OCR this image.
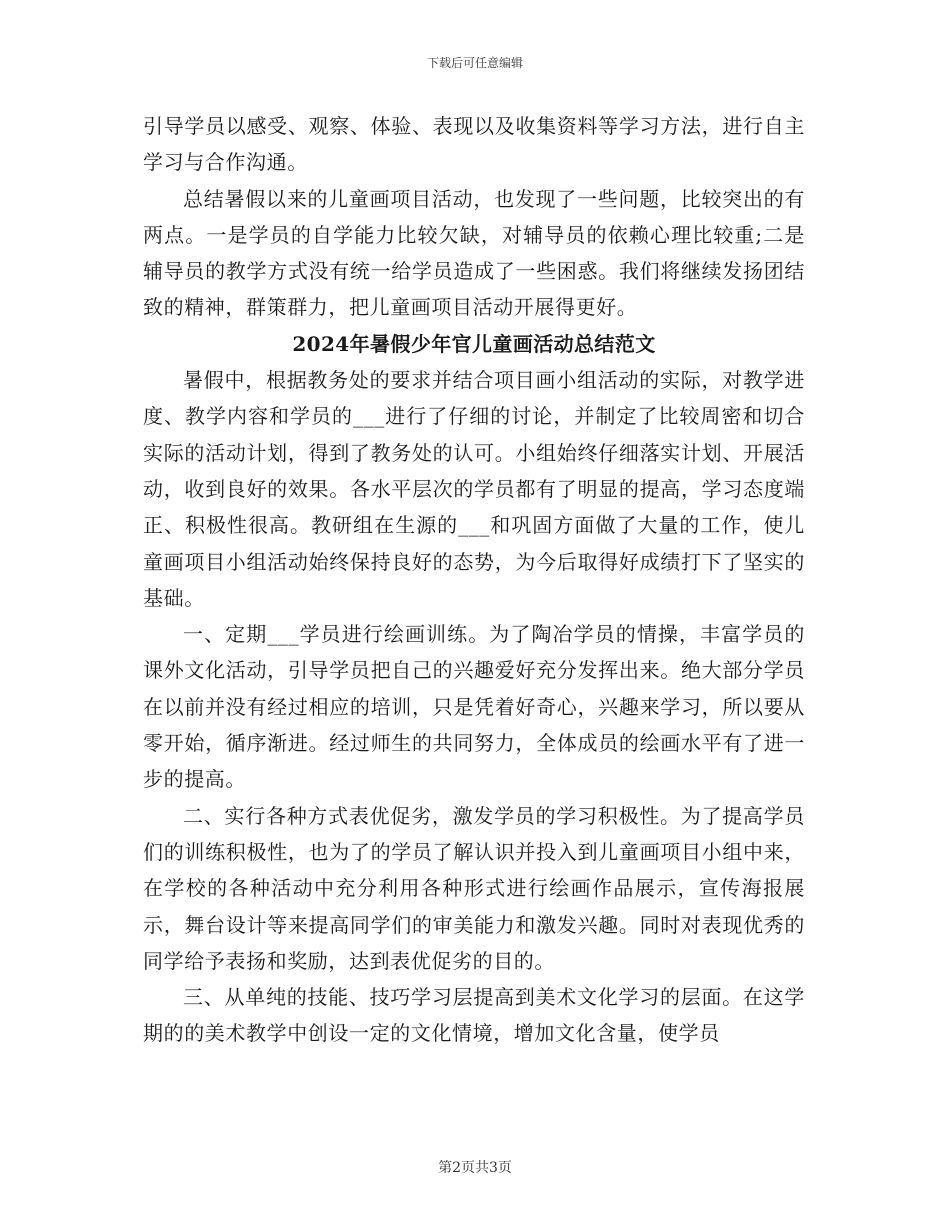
下载后可任意编辑

引导学员以感受、观察、体验、表现以及收集资料等学习方法，进行自主学习与合作沟通。

总结暑假以来的儿童画项目活动，也发现了一些问题，比较突出的有两点。一是学员的自学能力比较欠缺，对辅导员的依赖心理比较重;二是辅导员的教学方式没有统一给学员造成了一些困惑。我们将继续发扬团结致的精神，群策群力，把儿童画项目活动开展得更好。

2024年暑假少年官儿童画活动总结范文

暑假中，根据教务处的要求并结合项目画小组活动的实际，对教学进度、教学内容和学员的___进行了仔细的讨论，并制定了比较周密和切合实际的活动计划，得到了教务处的认可。小组始终仔细落实计划、开展活动，收到良好的效果。各水平层次的学员都有了明显的提高，学习态度端正、积极性很高。教研组在生源的___和巩固方面做了大量的工作，使儿童画项目小组活动始终保持良好的态势，为今后取得好成绩打下了坚实的基础。

一、定期___学员进行绘画训练。为了陶冶学员的情操，丰富学员的课外文化活动，引导学员把自己的兴趣爱好充分发挥出来。绝大部分学员在以前并没有经过相应的培训，只是凭着好奇心，兴趣来学习，所以要从零开始，循序渐进。经过师生的共同努力，全体成员的绘画水平有了进一步的提高。

二、实行各种方式表优促劣，激发学员的学习积极性。为了提高学员们的训练积极性，也为了的学员了解认识并投入到儿童画项目小组中来，在学校的各种活动中充分利用各种形式进行绘画作品展示，宣传海报展示，舞台设计等来提高同学们的审美能力和激发兴趣。同时对表现优秀的同学给予表扬和奖励，达到表优促劣的目的。

三、从单纯的技能、技巧学习层提高到美术文化学习的层面。在这学期的的美术教学中创设一定的文化情境，增加文化含量，使学员

第2页共3页
